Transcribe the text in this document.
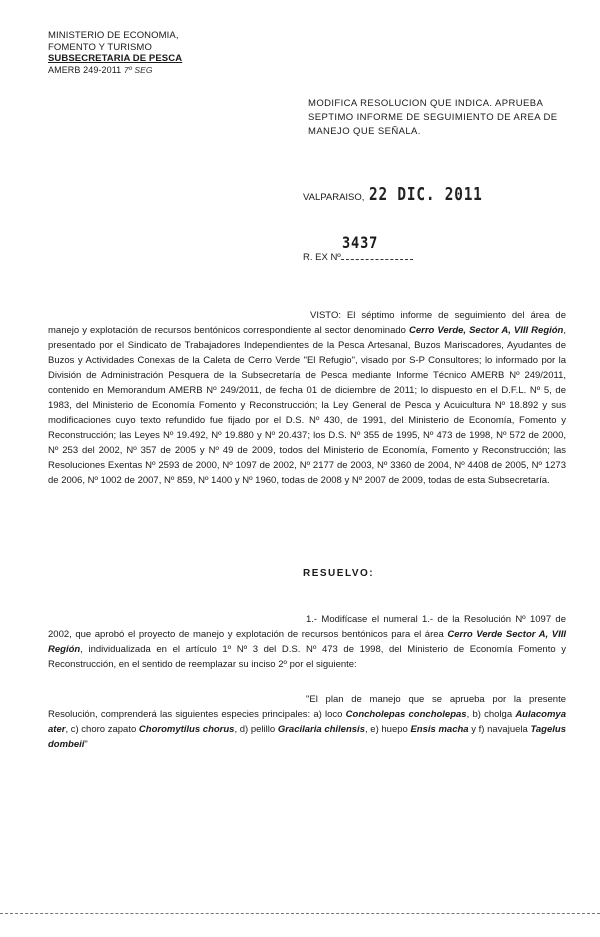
MINISTERIO DE ECONOMIA,
FOMENTO Y TURISMO
SUBSECRETARIA DE PESCA
AMERB 249-2011 7º SEG
MODIFICA RESOLUCION QUE INDICA. APRUEBA SEPTIMO INFORME DE SEGUIMIENTO DE AREA DE MANEJO QUE SEÑALA.
VALPARAISO, 22 DIC. 2011
3437
R. EX Nº
VISTO: El séptimo informe de seguimiento del área de manejo y explotación de recursos bentónicos correspondiente al sector denominado Cerro Verde, Sector A, VIII Región, presentado por el Sindicato de Trabajadores Independientes de la Pesca Artesanal, Buzos Mariscadores, Ayudantes de Buzos y Actividades Conexas de la Caleta de Cerro Verde "El Refugio", visado por S-P Consultores; lo informado por la División de Administración Pesquera de la Subsecretaría de Pesca mediante Informe Técnico AMERB Nº 249/2011, contenido en Memorandum AMERB Nº 249/2011, de fecha 01 de diciembre de 2011; lo dispuesto en el D.F.L. Nº 5, de 1983, del Ministerio de Economía Fomento y Reconstrucción; la Ley General de Pesca y Acuicultura Nº 18.892 y sus modificaciones cuyo texto refundido fue fijado por el D.S. Nº 430, de 1991, del Ministerio de Economía, Fomento y Reconstrucción; las Leyes Nº 19.492, Nº 19.880 y Nº 20.437; los D.S. Nº 355 de 1995, Nº 473 de 1998, Nº 572 de 2000, Nº 253 del 2002, Nº 357 de 2005 y Nº 49 de 2009, todos del Ministerio de Economía, Fomento y Reconstrucción; las Resoluciones Exentas Nº 2593 de 2000, Nº 1097 de 2002, Nº 2177 de 2003, Nº 3360 de 2004, Nº 4408 de 2005, Nº 1273 de 2006, Nº 1002 de 2007, Nº 859, Nº 1400 y Nº 1960, todas de 2008 y Nº 2007 de 2009, todas de esta Subsecretaría.
RESUELVO:
1.- Modifícase el numeral 1.- de la Resolución Nº 1097 de 2002, que aprobó el proyecto de manejo y explotación de recursos bentónicos para el área Cerro Verde Sector A, VIII Región, individualizada en el artículo 1º Nº 3 del D.S. Nº 473 de 1998, del Ministerio de Economía Fomento y Reconstrucción, en el sentido de reemplazar su inciso 2º por el siguiente:
"El plan de manejo que se aprueba por la presente Resolución, comprenderá las siguientes especies principales: a) loco Concholepas concholepas, b) cholga Aulacomya ater, c) choro zapato Choromytilus chorus, d) pelillo Gracilaria chilensis, e) huepo Ensis macha y f) navajuela Tagelus dombeii"
